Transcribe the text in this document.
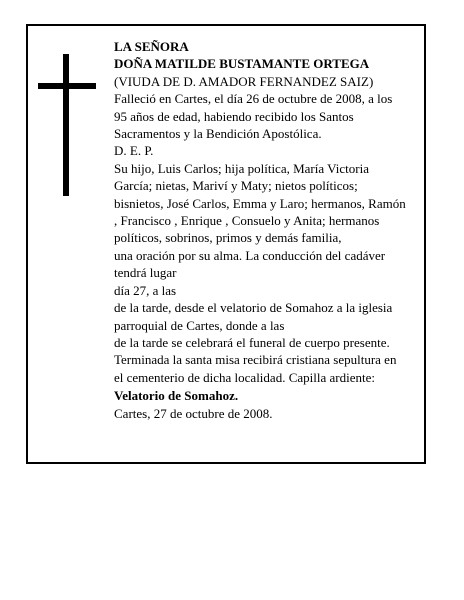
LA SEÑORA
DOÑA MATILDE BUSTAMANTE ORTEGA
(VIUDA DE D. AMADOR FERNANDEZ SAIZ)
Falleció en Cartes, el día 26 de octubre de 2008, a los
95 años de edad, habiendo recibido los Santos
Sacramentos y la Bendición Apostólica.
D. E. P.
Su hijo, Luis Carlos; hija política, María Victoria
García; nietas, Mariví y Maty; nietos políticos;
bisnietos, José Carlos, Emma y Laro; hermanos, Ramón
, Francisco , Enrique , Consuelo y Anita; hermanos
políticos, sobrinos, primos y demás familia,
una oración por su alma. La conducción del cadáver
tendrá lugar
día 27, a las
de la tarde, desde el velatorio de Somahoz a la iglesia
parroquial de Cartes, donde a las
de la tarde se celebrará el funeral de cuerpo presente.
Terminada la santa misa recibirá cristiana sepultura en
el cementerio de dicha localidad. Capilla ardiente:
Velatorio de Somahoz.
Cartes, 27 de octubre de 2008.
